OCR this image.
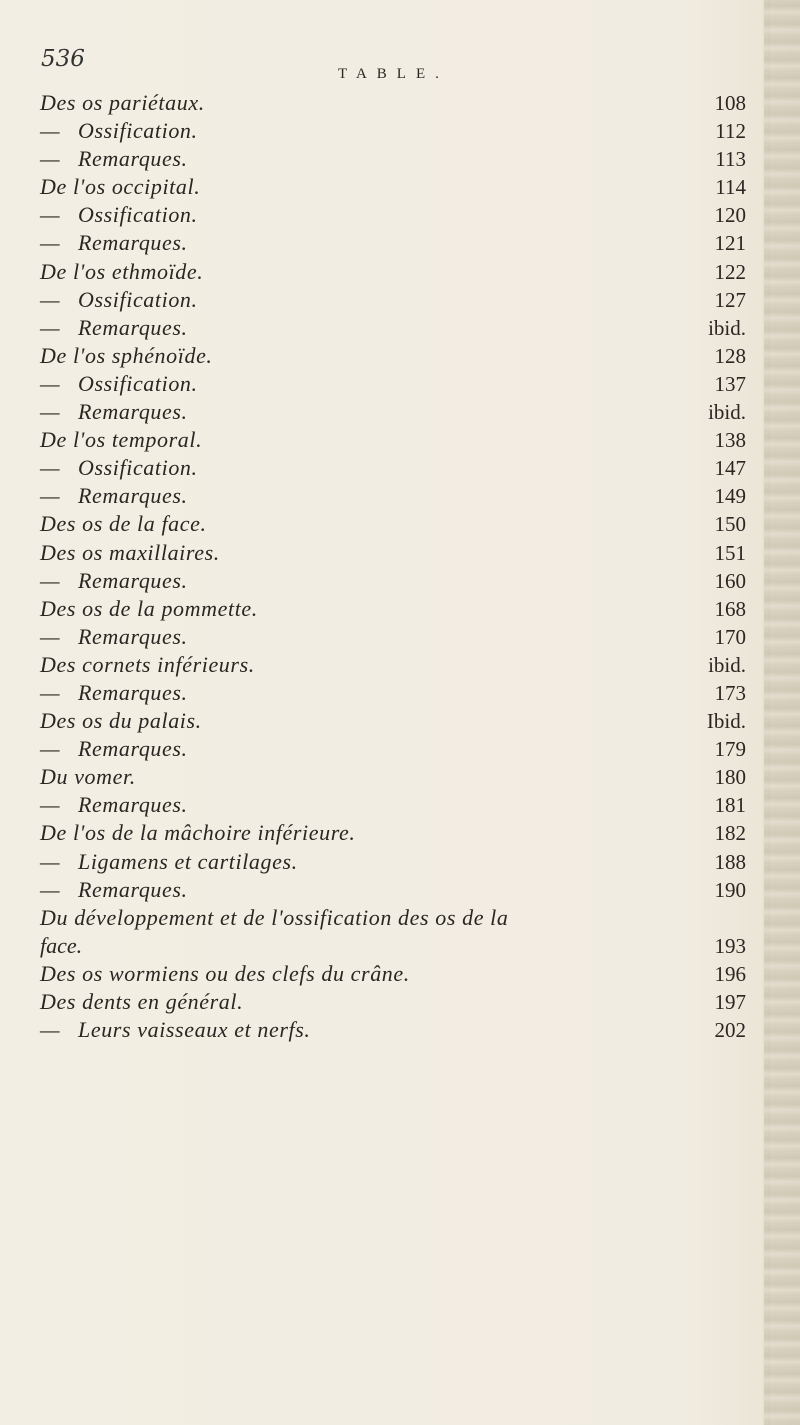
536
TABLE.
Des os pariétaux.	108
— Ossification.	112
— Remarques.	113
De l'os occipital.	114
— Ossification.	120
— Remarques.	121
De l'os ethmoïde.	122
— Ossification.	127
— Remarques.	ibid.
De l'os sphénoïde.	128
— Ossification.	137
— Remarques.	ibid.
De l'os temporal.	138
— Ossification.	147
— Remarques.	149
Des os de la face.	150
Des os maxillaires.	151
— Remarques.	160
Des os de la pommette.	168
— Remarques.	170
Des cornets inférieurs.	ibid.
— Remarques.	173
Des os du palais.	Ibid.
— Remarques.	179
Du vomer.	180
— Remarques.	181
De l'os de la mâchoire inférieure.	182
— Ligamens et cartilages.	188
— Remarques.	190
Du développement et de l'ossification des os de la
face.	193
Des os wormiens ou des clefs du crâne.	196
Des dents en général.	197
— Leurs vaisseaux et nerfs.	202
